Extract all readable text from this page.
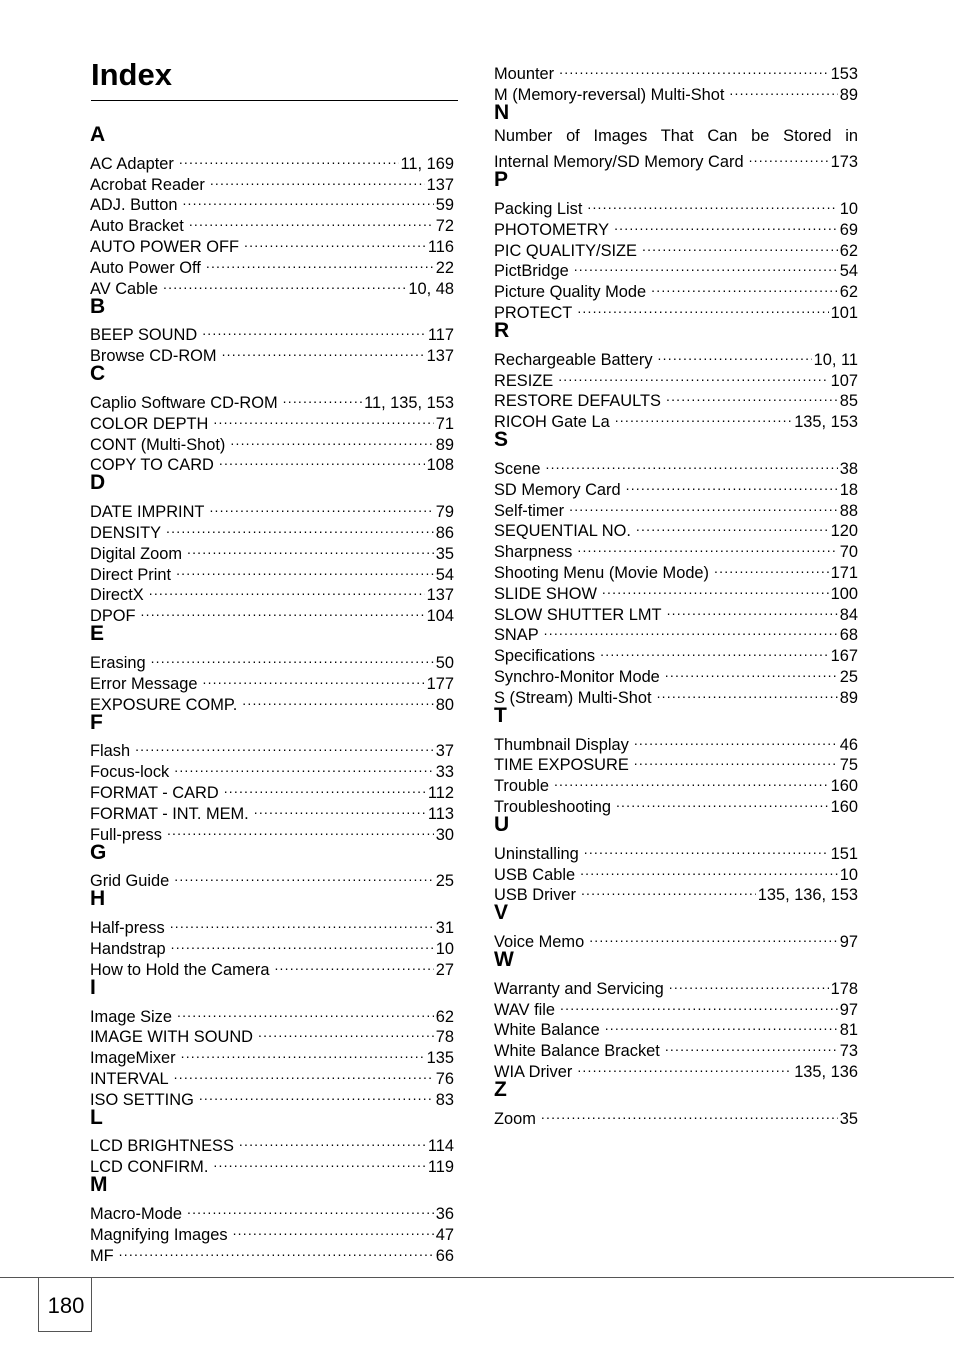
Index
A
AC Adapter .....	11, 169
Acrobat Reader .....	137
ADJ. Button .....	59
Auto Bracket .....	72
AUTO POWER OFF .....	116
Auto Power Off .....	22
AV Cable .....	10, 48
B
BEEP SOUND .....	117
Browse CD-ROM .....	137
C
Caplio Software CD-ROM .....	11, 135, 153
COLOR DEPTH .....	71
CONT (Multi-Shot) .....	89
COPY TO CARD .....	108
D
DATE IMPRINT .....	79
DENSITY .....	86
Digital Zoom .....	35
Direct Print .....	54
DirectX .....	137
DPOF .....	104
E
Erasing .....	50
Error Message .....	177
EXPOSURE COMP. .....	80
F
Flash .....	37
Focus-lock .....	33
FORMAT - CARD .....	112
FORMAT - INT. MEM. .....	113
Full-press .....	30
G
Grid Guide .....	25
H
Half-press .....	31
Handstrap .....	10
How to Hold the Camera .....	27
I
Image Size .....	62
IMAGE WITH SOUND .....	78
ImageMixer .....	135
INTERVAL .....	76
ISO SETTING .....	83
L
LCD BRIGHTNESS .....	114
LCD CONFIRM. .....	119
M
Macro-Mode .....	36
Magnifying Images .....	47
MF .....	66
Mounter .....	153
M (Memory-reversal) Multi-Shot .....	89
N
Number of Images That Can be Stored in
Internal Memory/SD Memory Card .....	173
P
Packing List .....	10
PHOTOMETRY .....	69
PIC QUALITY/SIZE .....	62
PictBridge .....	54
Picture Quality Mode .....	62
PROTECT .....	101
R
Rechargeable Battery .....	10, 11
RESIZE .....	107
RESTORE DEFAULTS .....	85
RICOH Gate La .....	135, 153
S
Scene .....	38
SD Memory Card .....	18
Self-timer .....	88
SEQUENTIAL NO. .....	120
Sharpness .....	70
Shooting Menu (Movie Mode) .....	171
SLIDE SHOW .....	100
SLOW SHUTTER LMT .....	84
SNAP .....	68
Specifications .....	167
Synchro-Monitor Mode .....	25
S (Stream) Multi-Shot .....	89
T
Thumbnail Display .....	46
TIME EXPOSURE .....	75
Trouble .....	160
Troubleshooting .....	160
U
Uninstalling .....	151
USB Cable .....	10
USB Driver .....	135, 136, 153
V
Voice Memo .....	97
W
Warranty and Servicing .....	178
WAV file .....	97
White Balance .....	81
White Balance Bracket .....	73
WIA Driver .....	135, 136
Z
Zoom .....	35
180
